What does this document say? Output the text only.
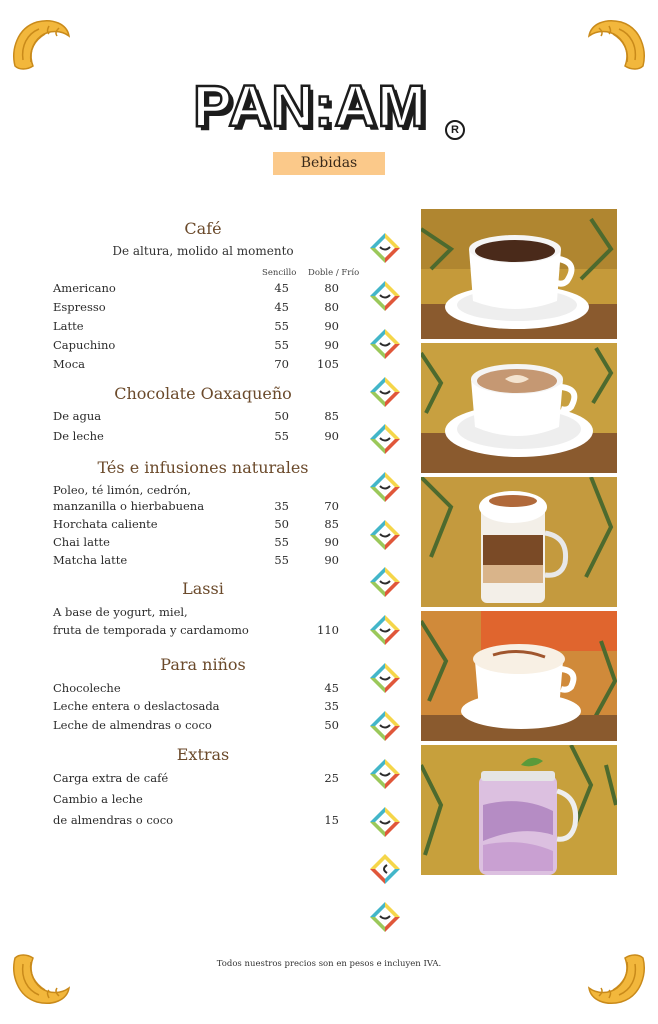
PAN:AM	R
Bebidas
Café
De altura, molido al momento
Sencillo Doble / Frío
Americano	45	80
Espresso	45	80
Latte	55	90
Capuchino	55	90
Moca	70	105
Chocolate Oaxaqueño
De agua	50	85
De leche	55	90
Tés e infusiones naturales
Poleo, té limón, cedrón,
manzanilla o hierbabuena	35	70
Horchata caliente	50	85
Chai latte	55	90
Matcha latte	55	90
Lassi
A base de yogurt, miel,
fruta de temporada y cardamomo	110
Para niños
Chocoleche	45
Leche entera o deslactosada	35
Leche de almendras o coco	50
Extras
Carga extra de café	25
Cambio a leche
de almendras o coco	15
Todos nuestros precios son en pesos e incluyen IVA.
